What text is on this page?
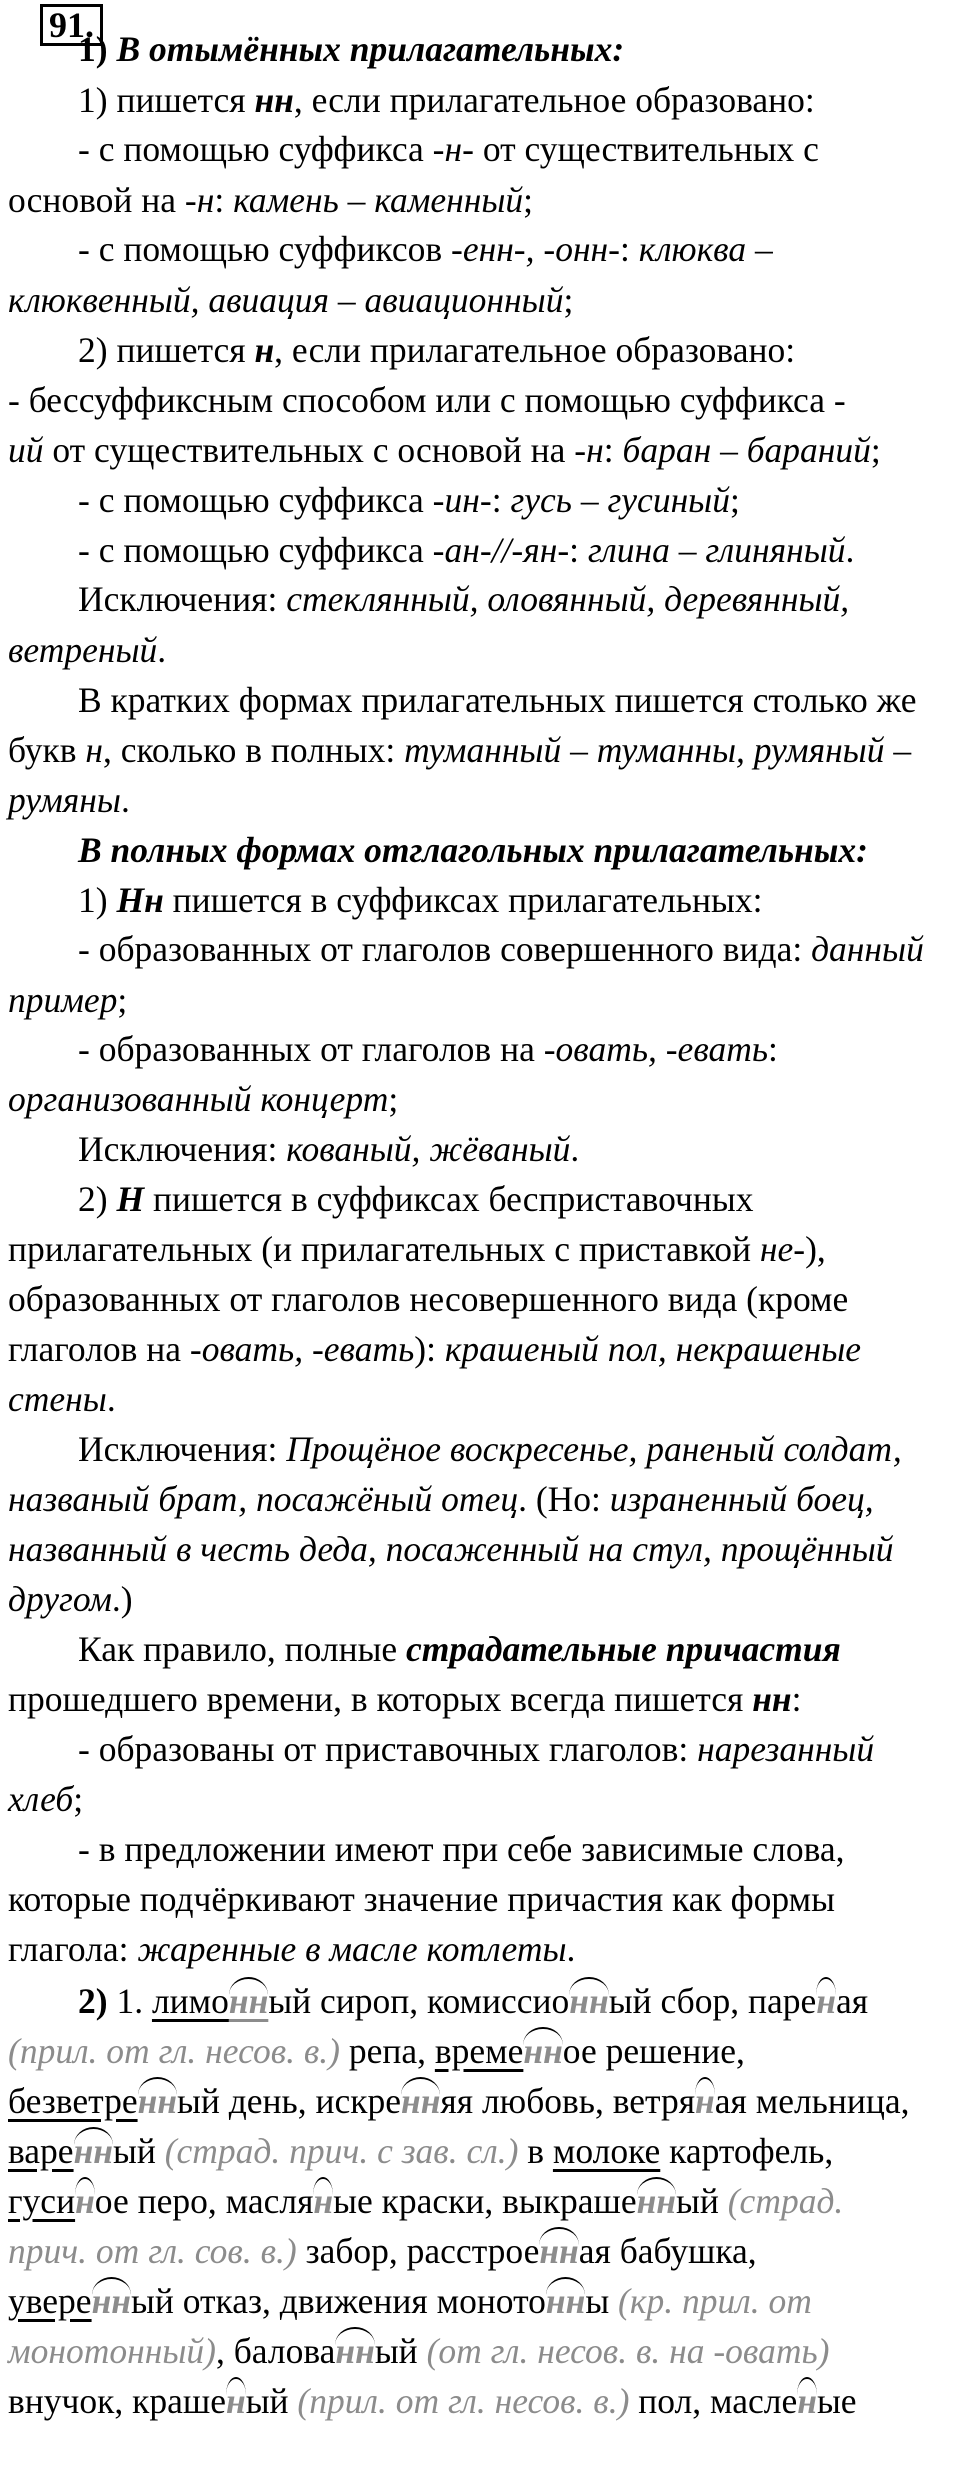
91.
1) В отымённых прилагательных:
1) пишется нн, если прилагательное образовано:
- с помощью суффикса -н- от существительных с
основой на -н: камень – каменный;
- с помощью суффиксов -енн-, -онн-: клюква –
клюквенный, авиация – авиационный;
2) пишется н, если прилагательное образовано:
- бессуффиксным способом или с помощью суффикса -
ий от существительных с основой на -н: баран – бараний;
- с помощью суффикса -ин-: гусь – гусиный;
- с помощью суффикса -ан-//-ян-: глина – глиняный.
Исключения: стеклянный, оловянный, деревянный,
ветреный.
В кратких формах прилагательных пишется столько же
букв н, сколько в полных: туманный – туманны, румяный –
румяны.
В полных формах отглагольных прилагательных:
1) Нн пишется в суффиксах прилагательных:
- образованных от глаголов совершенного вида: данный
пример;
- образованных от глаголов на -овать, -евать:
организованный концерт;
Исключения: кованый, жёваный.
2) Н пишется в суффиксах бесприставочных
прилагательных (и прилагательных с приставкой не-),
образованных от глаголов несовершенного вида (кроме
глаголов на -овать, -евать): крашеный пол, некрашеные
стены.
Исключения: Прощёное воскресенье, раненый солдат,
названый брат, посажёный отец. (Но: израненный боец,
названный в честь деда, посаженный на стул, прощённый
другом.)
Как правило, полные страдательные причастия
прошедшего времени, в которых всегда пишется нн:
- образованы от приставочных глаголов: нарезанный
хлеб;
- в предложении имеют при себе зависимые слова,
которые подчёркивают значение причастия как формы
глагола: жаренные в масле котлеты.
2) 1. лимонный сироп, комиссионный сбор, пареная
(прил. от гл. несов. в.) репа, временное решение,
безветренный день, искренняя любовь, ветряная мельница,
варенный (страд. прич. с зав. сл.) в молоке картофель,
гусиное перо, масляные краски, выкрашенный (страд.
прич. от гл. сов. в.) забор, расстроенная бабушка,
уверенный отказ, движения монотонны (кр. прил. от
монотонный), балованный (от гл. несов. в. на -овать)
внучок, крашеный (прил. от гл. несов. в.) пол, масленые
